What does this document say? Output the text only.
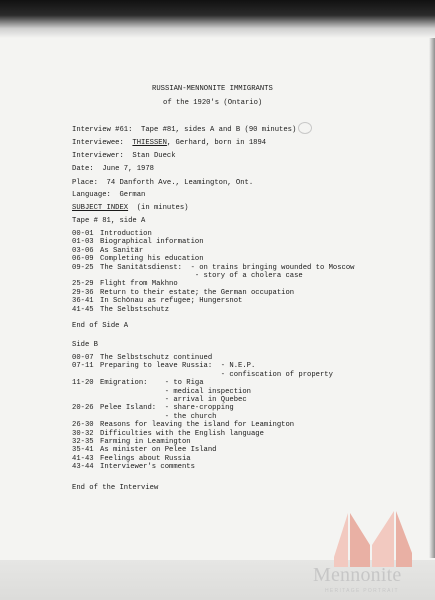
RUSSIAN-MENNONITE IMMIGRANTS
of the 1920's (Ontario)
Interview #61:  Tape #81, sides A and B (90 minutes)
Interviewee: THIESSEN, Gerhard, born in 1894
Interviewer:  Stan Dueck
Date:  June 7, 1978
Place:  74 Danforth Ave., Leamington, Ont.
Language:  German
SUBJECT INDEX (in minutes)
Tape # 81, side A
00-01 Introduction
01-03 Biographical information
03-06 As Sanitär
06-09 Completing his education
09-25 The Sanitätsdienst:  - on trains bringing wounded to Moscow
- story of a cholera case
25-29 Flight from Makhno
29-36 Return to their estate; the German occupation
36-41 In Schönau as refugee; Hungersnot
41-45 The Selbstschutz
End of Side A
Side B
00-07 The Selbstschutz continued
07-11 Preparing to leave Russia:  - N.E.P.
- confiscation of property
11-20 Emigration:    - to Riga
- medical inspection
- arrival in Quebec
20-26 Pelee Island:  - share-cropping
- the church
26-30 Reasons for leaving the island for Leamington
30-32 Difficulties with the English language
32-35 Farming in Leamington
35-41 As minister on Pelee Island
41-43 Feelings about Russia
43-44 Interviewer's comments
End of the Interview
Mennonite
HERITAGE PORTRAIT
